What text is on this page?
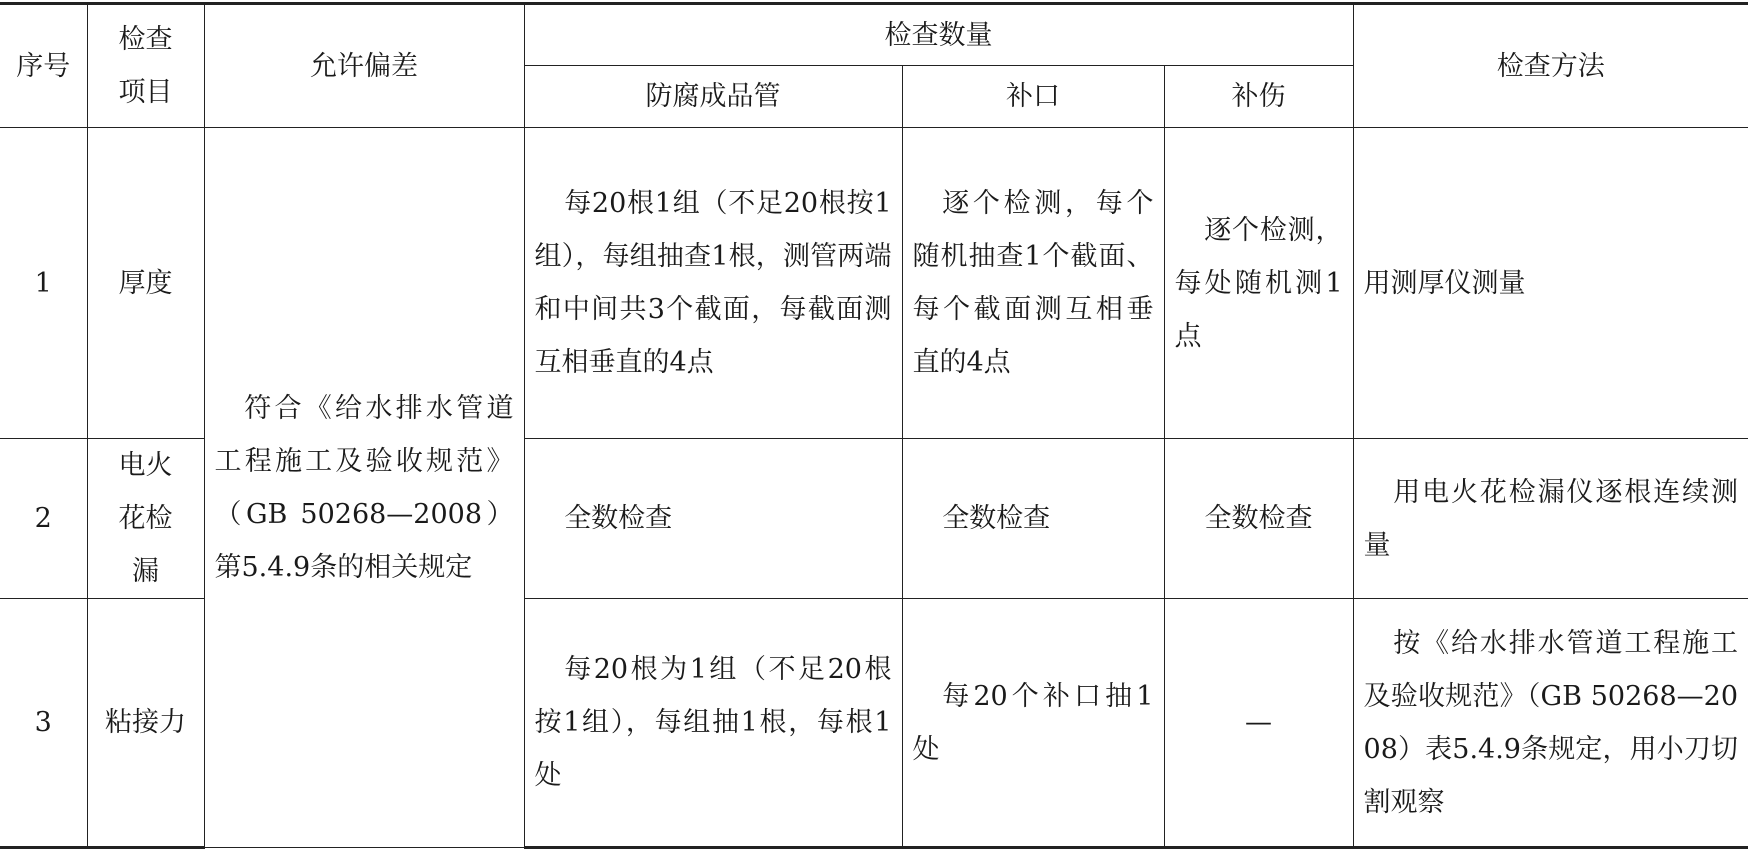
序号	检查项目	允许偏差	检查数量			检查方法
			防腐成品管	补口	补伤	
1	厚度	符合《给水排水管道工程施工及验收规范》（GB 50268—2008）第5.4.9条的相关规定	每20根1组（不足20根按1组），每组抽查1根，测管两端和中间共3个截面，每截面测互相垂直的4点	逐个检测，每个随机抽查1个截面、每个截面测互相垂直的4点	逐个检测，每处随机测1点	用测厚仪测量
2	电火花检漏		全数检查	全数检查	全数检查	用电火花检漏仪逐根连续测量
3	粘接力		每20根为1组（不足20根按1组），每组抽1根，每根1处	每20个补口抽1处	—	按《给水排水管道工程施工及验收规范》（GB 50268—2008）表5.4.9条规定，用小刀切割观察
